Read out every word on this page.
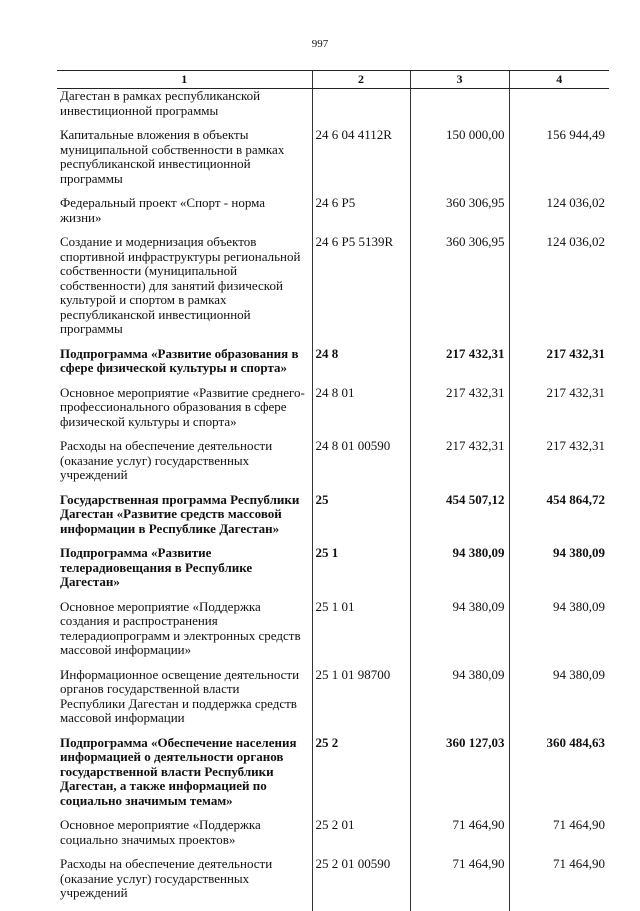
997
1	2	3	4
Дагестан в рамках республиканской инвестиционной программы			
Капитальные вложения в объекты муниципальной собственности в рамках республиканской инвестиционной программы	24 6 04 4112R	150 000,00	156 944,49
Федеральный проект «Спорт - норма жизни»	24 6 P5	360 306,95	124 036,02
Создание и модернизация объектов спортивной инфраструктуры региональной собственности (муниципальной собственности) для занятий физической культурой и спортом в рамках республиканской инвестиционной программы	24 6 P5 5139R	360 306,95	124 036,02
Подпрограмма «Развитие образования в сфере физической культуры и спорта»	24 8	217 432,31	217 432,31
Основное мероприятие «Развитие среднего-профессионального образования в сфере физической культуры и спорта»	24 8 01	217 432,31	217 432,31
Расходы на обеспечение деятельности (оказание услуг) государственных учреждений	24 8 01 00590	217 432,31	217 432,31
Государственная программа Республики Дагестан «Развитие средств массовой информации в Республике Дагестан»	25	454 507,12	454 864,72
Подпрограмма «Развитие телерадиовещания в Республике Дагестан»	25 1	94 380,09	94 380,09
Основное мероприятие «Поддержка создания и распространения телерадиопрограмм и электронных средств массовой информации»	25 1 01	94 380,09	94 380,09
Информационное освещение деятельности органов государственной власти Республики Дагестан и поддержка средств массовой информации	25 1 01 98700	94 380,09	94 380,09
Подпрограмма «Обеспечение населения информацией о деятельности органов государственной власти Республики Дагестан, а также информацией по социально значимым темам»	25 2	360 127,03	360 484,63
Основное мероприятие «Поддержка социально значимых проектов»	25 2 01	71 464,90	71 464,90
Расходы на обеспечение деятельности (оказание услуг) государственных учреждений	25 2 01 00590	71 464,90	71 464,90
